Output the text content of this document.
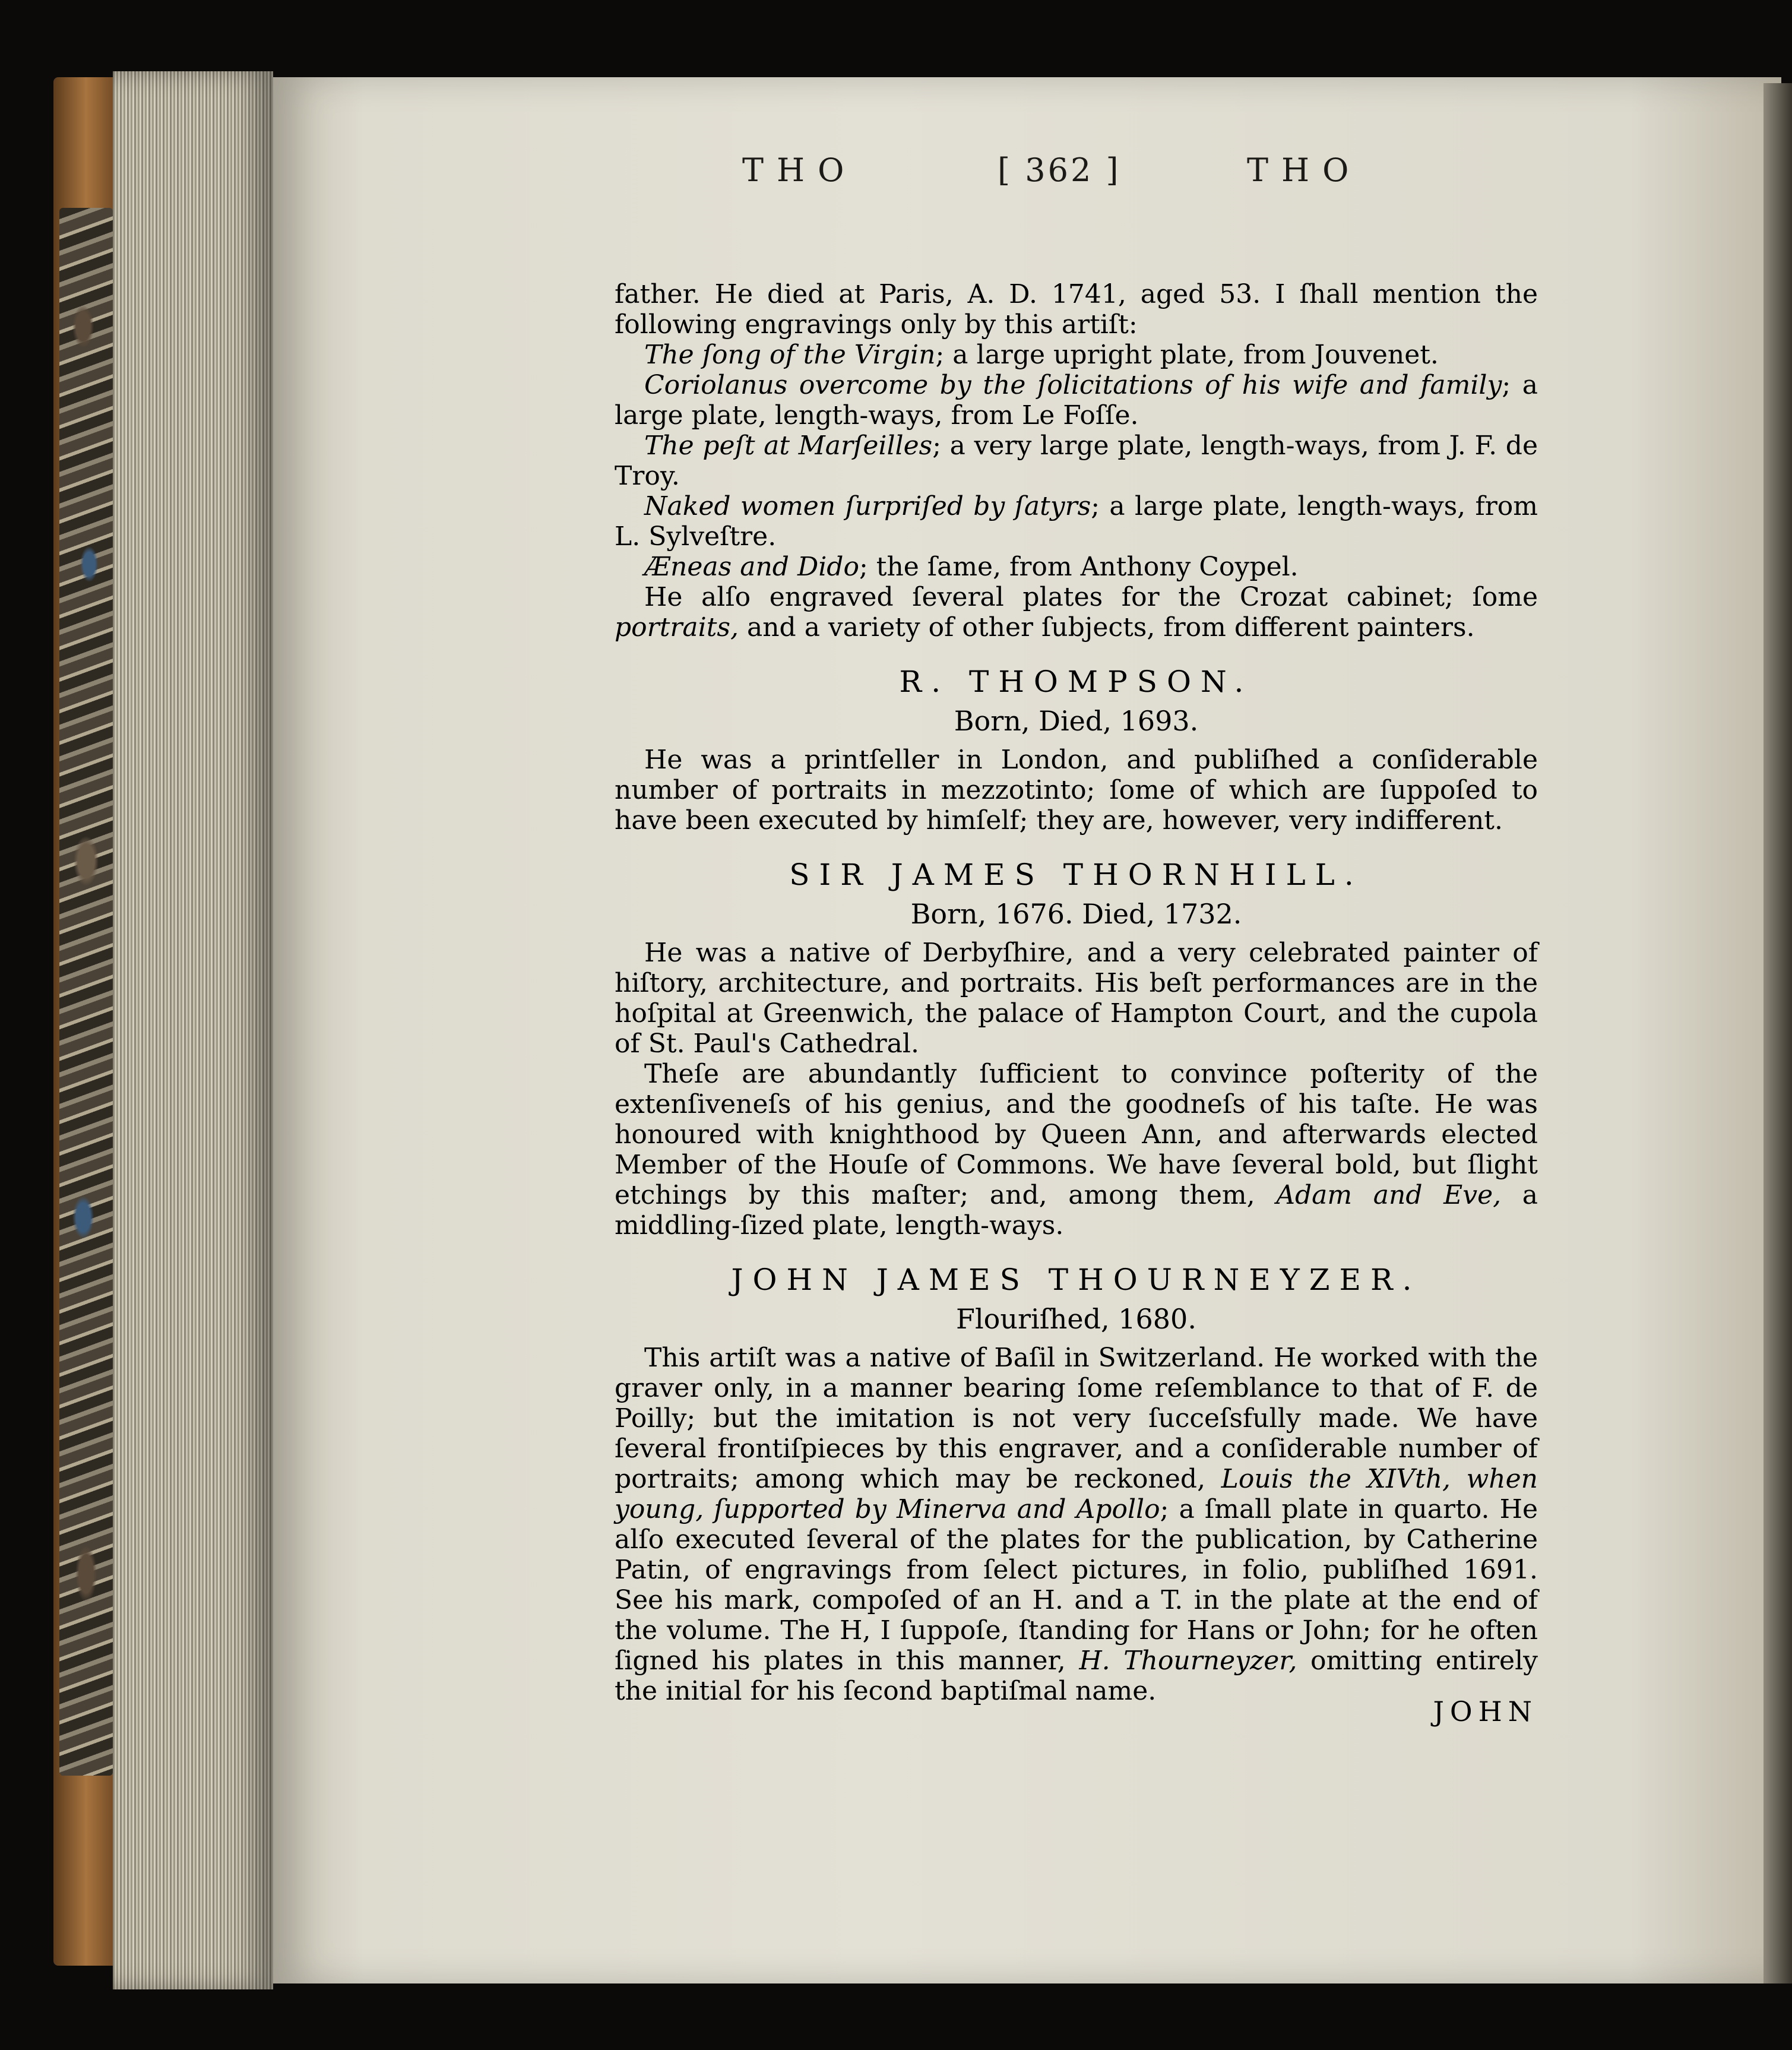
THO	[ 362 ]	THO

father. He died at Paris, A. D. 1741, aged 53. I ſhall mention the following engravings only by this artiſt:

The ſong of the Virgin; a large upright plate, from Jouvenet.

Coriolanus overcome by the ſolicitations of his wife and family; a large plate, length-ways, from Le Foſſe.

The peſt at Marſeilles; a very large plate, length-ways, from J. F. de Troy.

Naked women ſurpriſed by ſatyrs; a large plate, length-ways, from L. Sylveſtre.

Æneas and Dido; the ſame, from Anthony Coypel.

He alſo engraved ſeveral plates for the Crozat cabinet; ſome portraits, and a variety of other ſubjects, from different painters.

R. THOMPSON.
Born, Died, 1693.

He was a printſeller in London, and publiſhed a conſiderable number of portraits in mezzotinto; ſome of which are ſuppoſed to have been executed by himſelf; they are, however, very indifferent.

SIR JAMES THORNHILL.
Born, 1676. Died, 1732.

He was a native of Derbyſhire, and a very celebrated painter of hiſtory, architecture, and portraits. His beſt performances are in the hoſpital at Greenwich, the palace of Hampton Court, and the cupola of St. Paul's Cathedral.

Theſe are abundantly ſufficient to convince poſterity of the extenſiveneſs of his genius, and the goodneſs of his taſte. He was honoured with knighthood by Queen Ann, and afterwards elected Member of the Houſe of Commons. We have ſeveral bold, but ſlight etchings by this maſter; and, among them, Adam and Eve, a middling-ſized plate, length-ways.

JOHN JAMES THOURNEYZER.
Flouriſhed, 1680.

This artiſt was a native of Baſil in Switzerland. He worked with the graver only, in a manner bearing ſome reſemblance to that of F. de Poilly; but the imitation is not very ſucceſsfully made. We have ſeveral frontiſpieces by this engraver, and a conſiderable number of portraits; among which may be reckoned, Louis the XIVth, when young, ſupported by Minerva and Apollo; a ſmall plate in quarto. He alſo executed ſeveral of the plates for the publication, by Catherine Patin, of engravings from ſelect pictures, in folio, publiſhed 1691. See his mark, compoſed of an H. and a T. in the plate at the end of the volume. The H, I ſuppoſe, ſtanding for Hans or John; for he often ſigned his plates in this manner, H. Thourneyzer, omitting entirely the initial for his ſecond baptiſmal name.

JOHN
